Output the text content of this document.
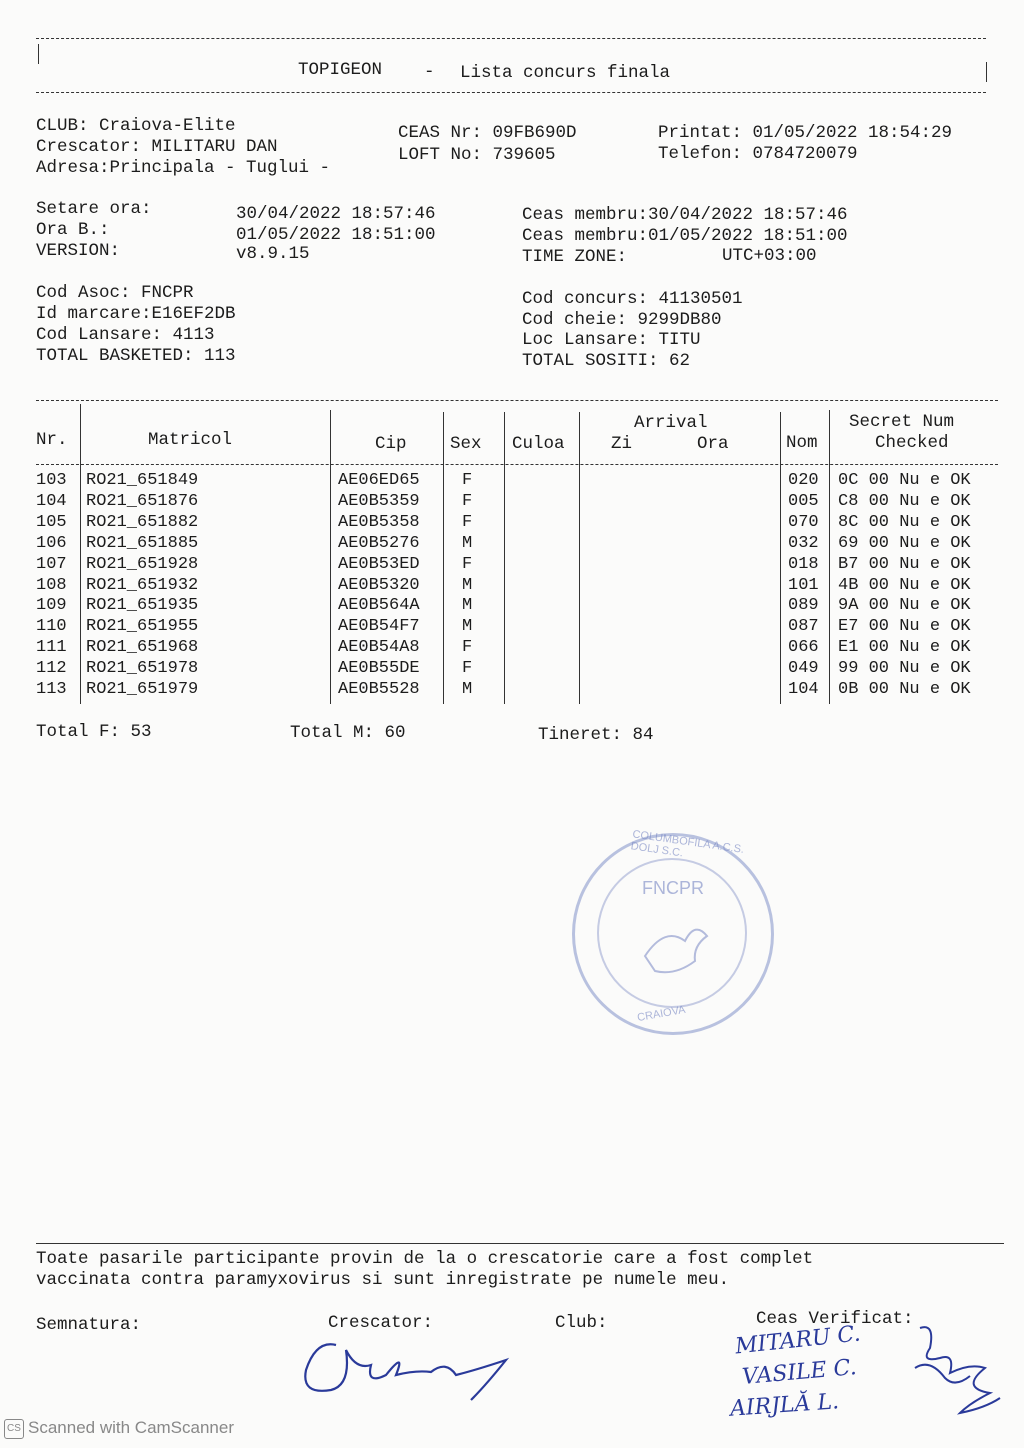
TOPIGEON - Lista concurs finala
CLUB: Craiova-Elite
Crescator: MILITARU DAN
Adresa:Principala - Tuglui -
CEAS Nr: 09FB690D
LOFT No: 739605
Printat: 01/05/2022 18:54:29
Telefon: 0784720079
Setare ora:	30/04/2022 18:57:46
Ora B.:	01/05/2022 18:51:00
VERSION:	v8.9.15
Ceas membru:30/04/2022 18:57:46
Ceas membru:01/05/2022 18:51:00
TIME ZONE:	UTC+03:00
Cod Asoc: FNCPR
Id marcare:E16EF2DB
Cod Lansare: 4113
TOTAL BASKETED: 113
Cod concurs: 41130501
Cod cheie: 9299DB80
Loc Lansare: TITU
TOTAL SOSITI: 62
Nr.	Matricol	Cip Sex Culoa
Arrival
Zi	Ora	Nom
Secret Num
Checked
103 RO21_651849	AE06ED65 F	020 0C 00 Nu e OK
104 RO21_651876	AE0B5359 F	005 C8 00 Nu e OK
105 RO21_651882	AE0B5358 F	070 8C 00 Nu e OK
106 RO21_651885	AE0B5276 M	032 69 00 Nu e OK
107 RO21_651928	AE0B53ED F	018 B7 00 Nu e OK
108 RO21_651932	AE0B5320 M	101 4B 00 Nu e OK
109 RO21_651935	AE0B564A M	089 9A 00 Nu e OK
110 RO21_651955	AE0B54F7 M	087 E7 00 Nu e OK
111 RO21_651968	AE0B54A8 F	066 E1 00 Nu e OK
112 RO21_651978	AE0B55DE F	049 99 00 Nu e OK
113 RO21_651979	AE0B5528 M	104 0B 00 Nu e OK
Total F: 53	Total M: 60	Tineret: 84
FNCPR
COLUMBOFILA A.C.S. DOLJ S.C.
CRAIOVA
Toate pasarile participante provin de la o crescatorie care a fost complet
vaccinata contra paramyxovirus si sunt inregistrate pe numele meu.
Semnatura:	Crescator:	Club:	Ceas Verificat:
MITARU C.
VASILE C.
AIRJLĂ L.
CS Scanned with CamScanner
